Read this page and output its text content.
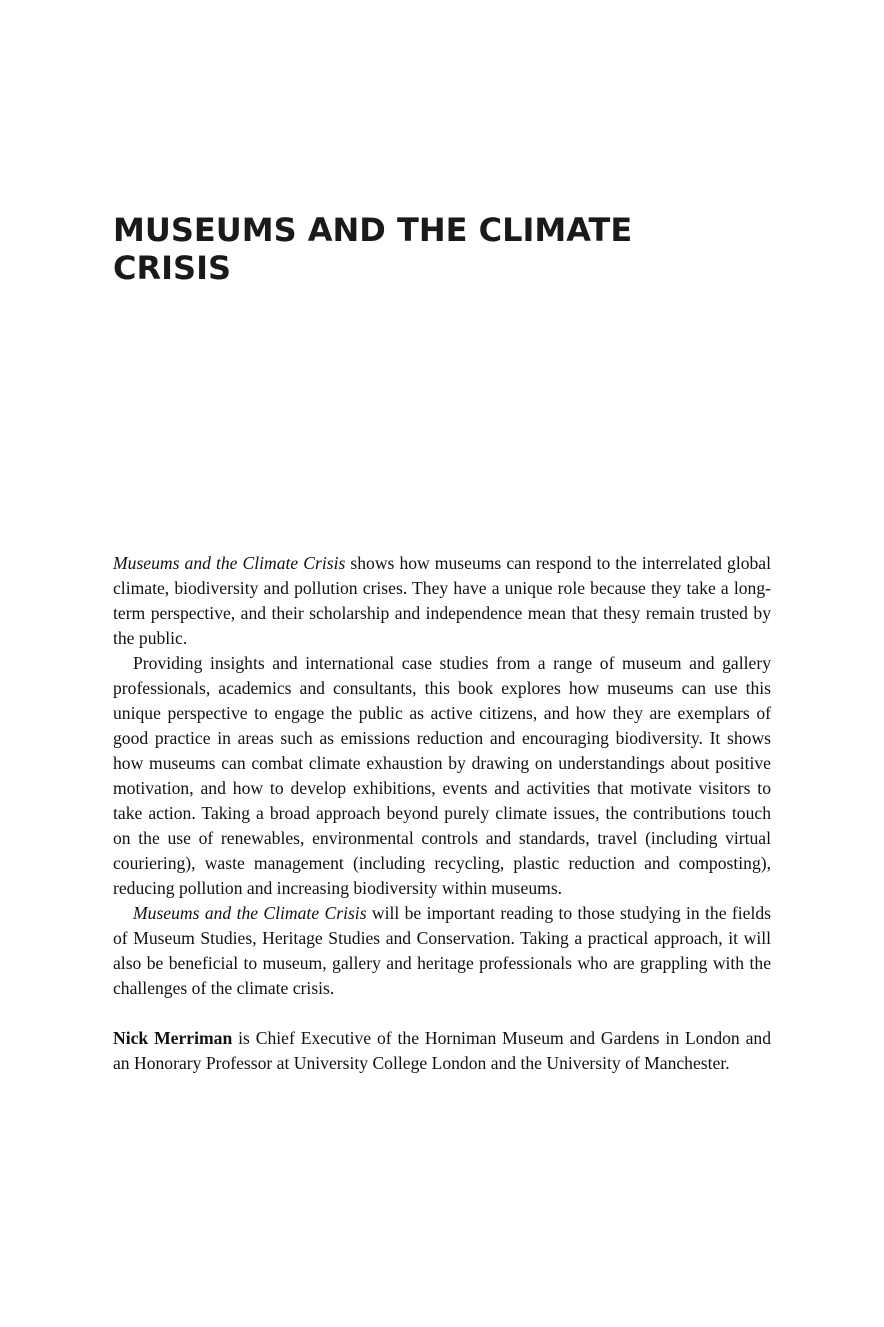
MUSEUMS AND THE CLIMATE
CRISIS

Museums and the Climate Crisis shows how museums can respond to the interrelated global climate, biodiversity and pollution crises. They have a unique role because they take a long-term perspective, and their scholarship and independence mean that thesy remain trusted by the public.

Providing insights and international case studies from a range of museum and gallery professionals, academics and consultants, this book explores how museums can use this unique perspective to engage the public as active citizens, and how they are exemplars of good practice in areas such as emissions reduction and encouraging biodiversity. It shows how museums can combat climate exhaustion by drawing on understandings about positive motivation, and how to develop exhibitions, events and activities that motivate visitors to take action. Taking a broad approach beyond purely climate issues, the contributions touch on the use of renewables, environmental controls and standards, travel (including virtual couriering), waste management (including recycling, plastic reduction and composting), reducing pollution and increasing biodiversity within museums.

Museums and the Climate Crisis will be important reading to those studying in the fields of Museum Studies, Heritage Studies and Conservation. Taking a practical approach, it will also be beneficial to museum, gallery and heritage professionals who are grappling with the challenges of the climate crisis.

Nick Merriman is Chief Executive of the Horniman Museum and Gardens in London and an Honorary Professor at University College London and the University of Manchester.
